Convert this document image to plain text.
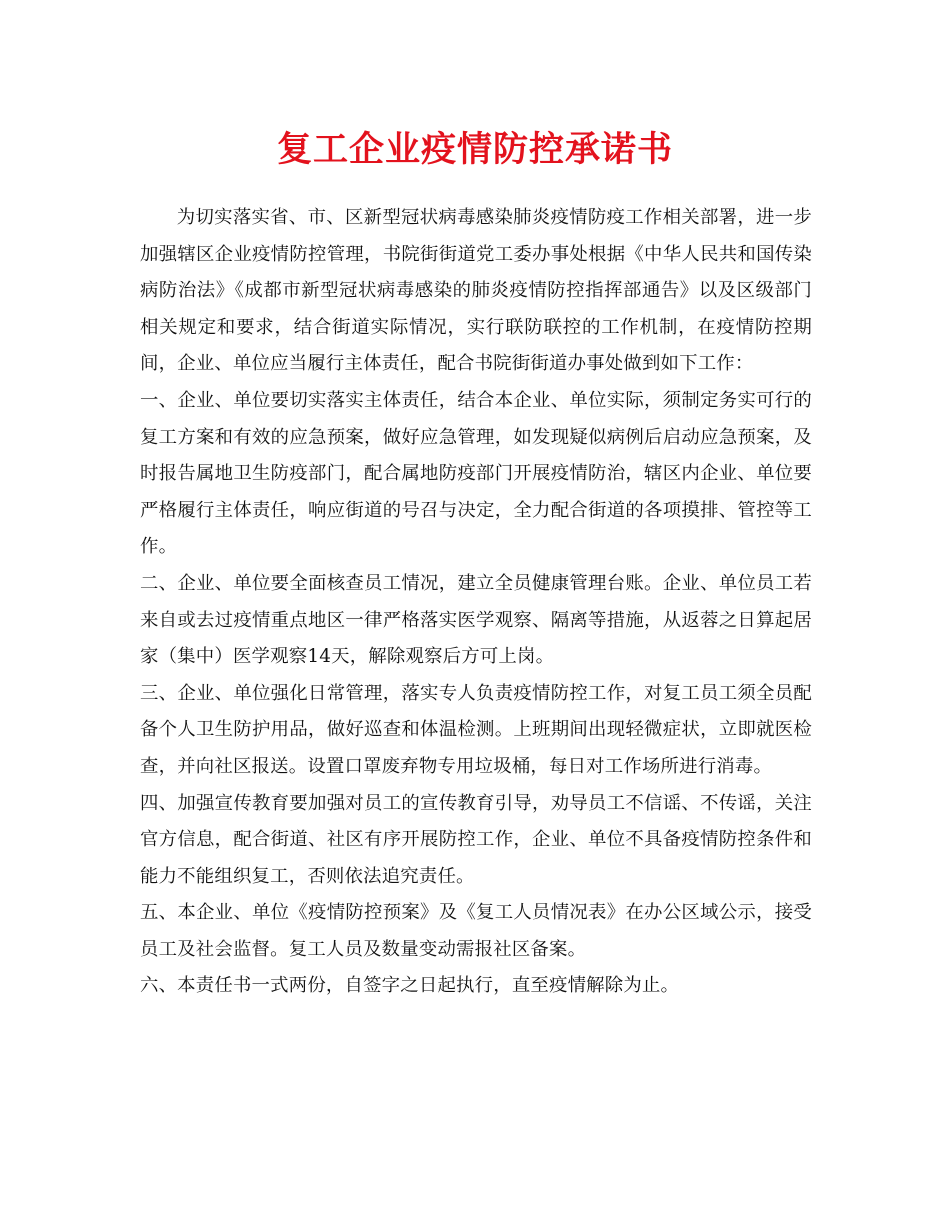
复工企业疫情防控承诺书

为切实落实省、市、区新型冠状病毒感染肺炎疫情防疫工作相关部署，进一步加强辖区企业疫情防控管理，书院街街道党工委办事处根据《中华人民共和国传染病防治法》《成都市新型冠状病毒感染的肺炎疫情防控指挥部通告》以及区级部门相关规定和要求，结合街道实际情况，实行联防联控的工作机制，在疫情防控期间，企业、单位应当履行主体责任，配合书院街街道办事处做到如下工作：

一、企业、单位要切实落实主体责任，结合本企业、单位实际，须制定务实可行的复工方案和有效的应急预案，做好应急管理，如发现疑似病例后启动应急预案，及时报告属地卫生防疫部门，配合属地防疫部门开展疫情防治，辖区内企业、单位要严格履行主体责任，响应街道的号召与决定，全力配合街道的各项摸排、管控等工作。

二、企业、单位要全面核查员工情况，建立全员健康管理台账。企业、单位员工若来自或去过疫情重点地区一律严格落实医学观察、隔离等措施，从返蓉之日算起居家（集中）医学观察14天，解除观察后方可上岗。

三、企业、单位强化日常管理，落实专人负责疫情防控工作，对复工员工须全员配备个人卫生防护用品，做好巡查和体温检测。上班期间出现轻微症状，立即就医检查，并向社区报送。设置口罩废弃物专用垃圾桶，每日对工作场所进行消毒。

四、加强宣传教育要加强对员工的宣传教育引导，劝导员工不信谣、不传谣，关注官方信息，配合街道、社区有序开展防控工作，企业、单位不具备疫情防控条件和能力不能组织复工，否则依法追究责任。

五、本企业、单位《疫情防控预案》及《复工人员情况表》在办公区域公示，接受员工及社会监督。复工人员及数量变动需报社区备案。

六、本责任书一式两份，自签字之日起执行，直至疫情解除为止。
